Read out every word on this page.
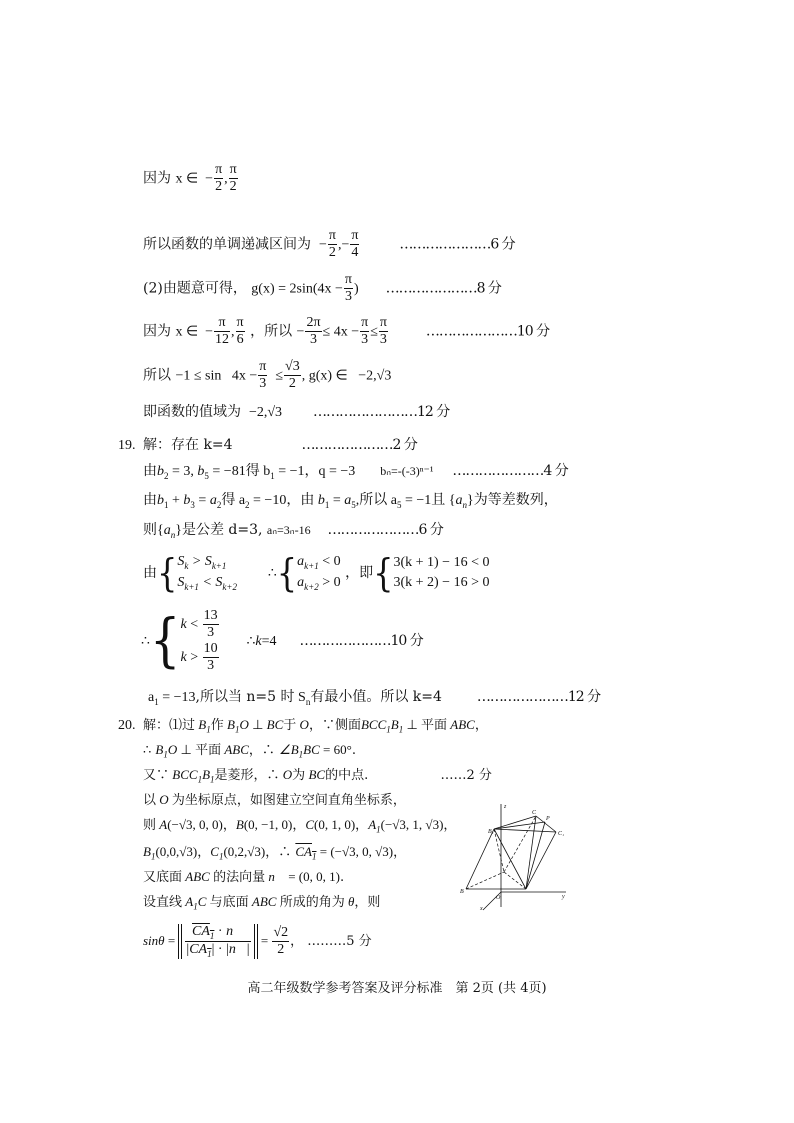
因为 x ∈  − $\frac{\pi}{2}$ , $\frac{\pi}{2}$
所以函数的单调递减区间为  − $\frac{\pi}{2}$ ,− $\frac{\pi}{4}$	…………………6 分
(2)由题意可得， $g(x) = 2\sin(4x - \frac{\pi}{3}$ ) …………………8 分
因为 x ∈  − $\frac{\pi}{12}$ , $\frac{\pi}{6}$ ，所以 − $\frac{2\pi}{3} \le 4x - \frac{\pi}{3} \le \frac{\pi}{3}$	…………………10 分
所以 $-1 \le \sin 4x - \frac{\pi}{3} \le \frac{√3}{2}$ , g(x) ∈   −2,√3
即函数的值域为  −2,√3 ……………………12 分
19. 解：存在 k=4	…………………2 分
由$b_2 = 3$, $b_5 = -81$得 $b_1 = -1$，q = −3 bₙ=-(-3)ⁿ⁻¹ …………………4 分
由$b_1 + b_3 = a_2$得 $a_2 = -10$，由 $b_1 = a_5$,所以 $a_5 = -1$且 $\{a_n\}$为等差数列，
则$\{a_n\}$是公差 d=3, aₙ=3ₙ-16 …………………6 分
由{$S_k > S_{k+1}$
$S_{k+1} < S_{k+2}$  $\therefore\{a_{k+1} < 0$
$a_{k+2} > 0$ ，即{3(k + 1) − 16 < 0
3(k + 2) − 16 > 0
∴{k < $\frac{13}{3}$

$k > \frac{10}{3}$ ∴k=4 …………………10 分
$a_1 = -13$,所以当 n=5 时 $S_n$有最小值。所以 k=4 …………………12 分
20. 解：⑴过 $B_1$作 $B_1O$ ⊥ BC于 O，∵侧面$BCC_1B_1$ ⊥ 平面 ABC，
∴ $B_1O$ ⊥ 平面 ABC，∴ $\angle B_1BC = 60^\circ$.
又∵ $BCC_1B_1$是菱形，∴ O为 BC的中点.	……2 分
以 O 为坐标原点，如图建立空间直角坐标系，
则 A(−√3, 0, 0)，B(0, −1, 0)，C(0, 1, 0)，$A_1(-√3$, 1, √3)，
$B_1(0,0,√3)$，$C_1(0,2,√3)$，∴ $CA_1 = (-√3$, 0, √3)，
又底面 ABC 的法向量 n⃗ = (0, 0, 1).
设直线 $A_1C$ 与底面 ABC 所成的角为 θ，则
$\sin\theta = \frac{CA_1 \cdot n⃗}{|CA_1| \cdot |n⃗|} = \frac{√2}{2}$ ， ………5 分
z
C
P
B₁	C₁
B
O	y
x
高二年级数学参考答案及评分标准　第 2页 (共 4页)
